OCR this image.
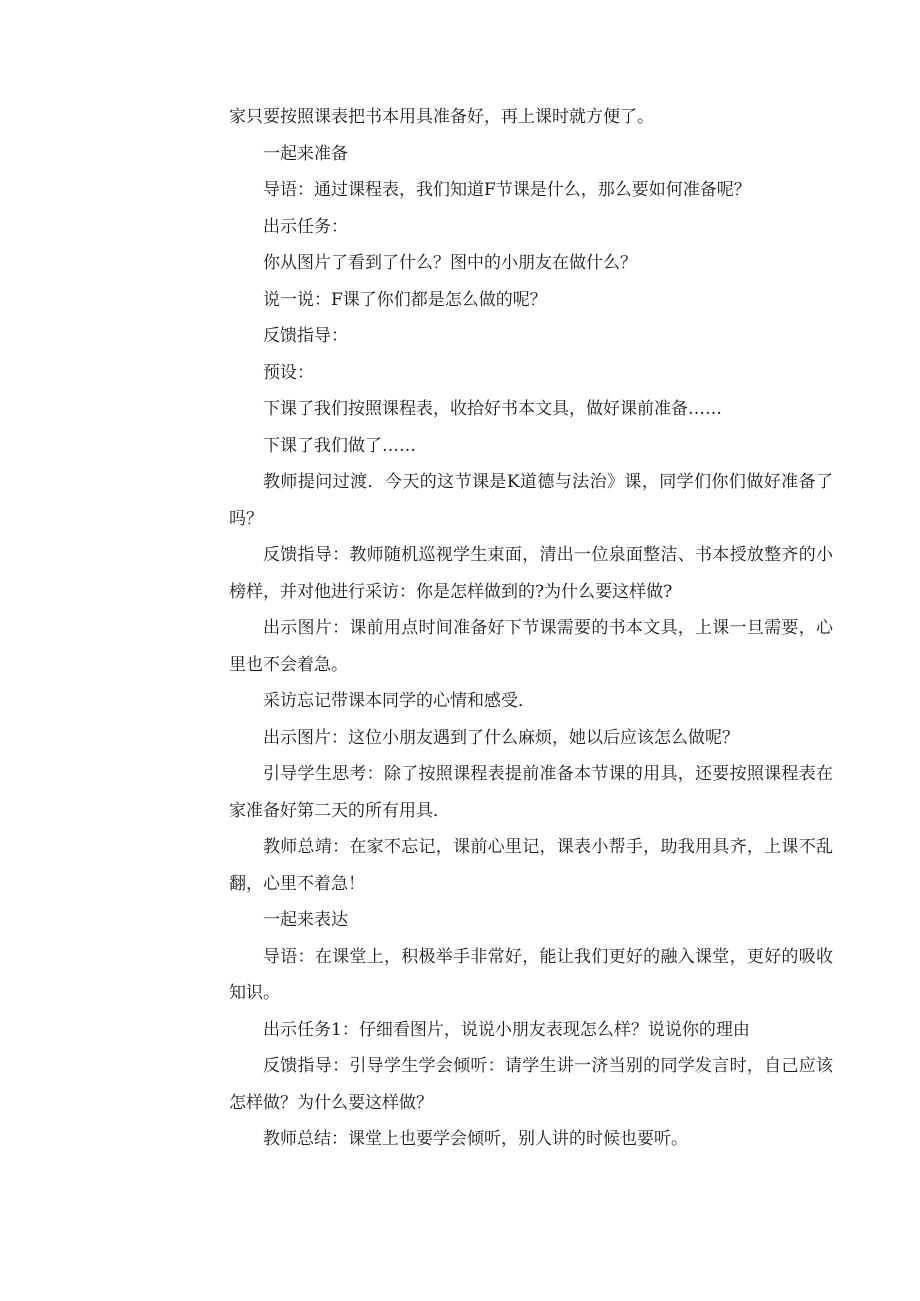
家只要按照课表把书本用具准备好，再上课时就方便了。

一起来准备

导语：通过课程表，我们知道F节课是什么，那么要如何准备呢？

出示任务：

你从图片了看到了什么？图中的小朋友在做什么？

说一说：F课了你们都是怎么做的呢？

反馈指导：

预设：

下课了我们按照课程表，收拾好书本文具，做好课前准备……

下课了我们做了……

教师提问过渡．今天的这节课是K道德与法治》课，同学们你们做好准备了吗？

反馈指导：教师随机巡视学生束面，清出一位泉面整洁、书本授放整齐的小榜样，并对他进行采访：你是怎样做到的?为什么要这样做?

出示图片：课前用点时间准备好下节课需要的书本文具，上课一旦需要，心里也不会着急。

采访忘记带课本同学的心情和感受．

出示图片：这位小朋友遇到了什么麻烦，她以后应该怎么做呢？

引导学生思考：除了按照课程表提前准备本节课的用具，还要按照课程表在家准备好第二天的所有用具．

教师总靖：在家不忘记，课前心里记，课表小帮手，助我用具齐，上课不乱翻，心里不着急！

一起来表达

导语：在课堂上，积极举手非常好，能让我们更好的融入课堂，更好的吸收知识。

出示任务1：仔细看图片，说说小朋友表现怎么样？说说你的理由

反馈指导：引导学生学会倾听：请学生讲一济当别的同学发言时，自己应该怎样做？为什么要这样做？

教师总结：课堂上也要学会倾听，别人讲的时候也要听。
